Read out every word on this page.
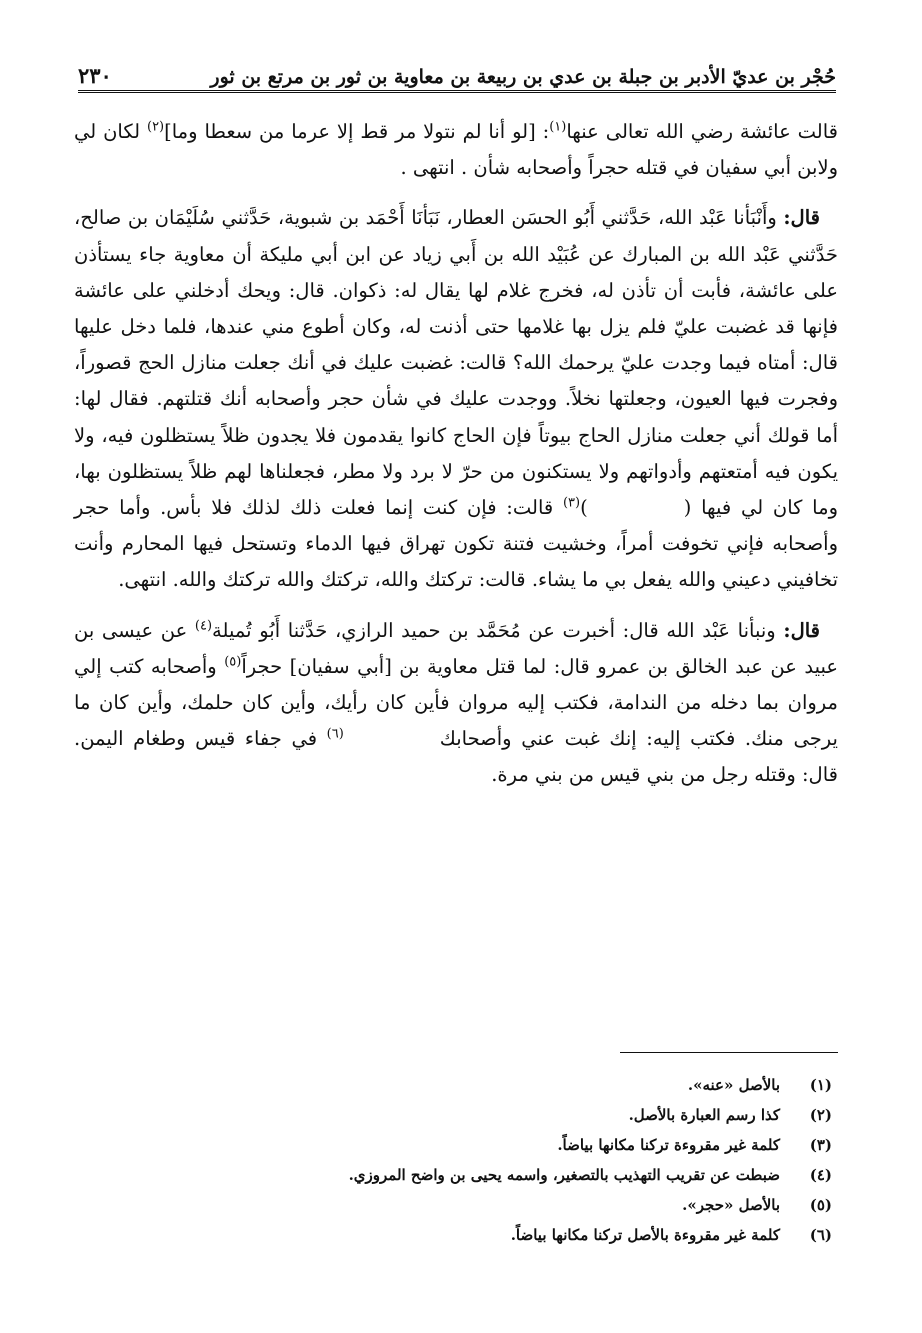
حُجْر بن عديّ الأدبر بن جبلة بن عدي بن ربيعة بن معاوية بن ثور بن مرتع بن ثور
٢٣٠

قالت عائشة رضي الله تعالى عنها$^{(١)}$: [لو أنا لم نتولا مر قط إلا عرما من سعطا وما]$^{(٢)}$ لكان لي ولابن أبي سفيان في قتله حجراً وأصحابه شأن . انتهى .

قال: وأَنْبَأنا عَبْد الله، حَدَّثني أَبُو الحسَن العطار، نَبَأنَا أَحْمَد بن شبوية، حَدَّثني سُلَيْمَان بن صالح، حَدَّثني عَبْد الله بن المبارك عن عُبَيْد الله بن أَبي زياد عن ابن أبي مليكة أن معاوية جاء يستأذن على عائشة، فأبت أن تأذن له، فخرج غلام لها يقال له: ذكوان. قال: ويحك أدخلني على عائشة فإنها قد غضبت عليّ فلم يزل بها غلامها حتى أذنت له، وكان أطوع مني عندها، فلما دخل عليها قال: أمتاه فيما وجدت عليّ يرحمك الله؟ قالت: غضبت عليك في أنك جعلت منازل الحج قصوراً، وفجرت فيها العيون، وجعلتها نخلاً. ووجدت عليك في شأن حجر وأصحابه أنك قتلتهم. فقال لها: أما قولك أني جعلت منازل الحاج بيوتاً فإن الحاج كانوا يقدمون فلا يجدون ظلاً يستظلون فيه، ولا يكون فيه أمتعتهم وأدواتهم ولا يستكنون من حرّ لا برد ولا مطر، فجعلناها لهم ظلاً يستظلون بها، وما كان لي فيها ()$^{(٣)}$ قالت: فإن كنت إنما فعلت ذلك لذلك فلا بأس. وأما حجر وأصحابه فإني تخوفت أمراً، وخشيت فتنة تكون تهراق فيها الدماء وتستحل فيها المحارم وأنت تخافيني دعيني والله يفعل بي ما يشاء. قالت: تركتك والله، تركتك والله تركتك والله. انتهى.

قال: ونبأنا عَبْد الله قال: أخبرت عن مُحَمَّد بن حميد الرازي، حَدَّثنا أَبُو تُميلة$^{(٤)}$ عن عيسى بن عبيد عن عبد الخالق بن عمرو قال: لما قتل معاوية بن [أبي سفيان] حجراً$^{(٥)}$ وأصحابه كتب إلي مروان بما دخله من الندامة، فكتب إليه مروان فأين كان رأيك، وأين كان حلمك، وأين كان ما يرجى منك. فكتب إليه: إنك غبت عني وأصحابك$^{(٦)}$ في جفاء قيس وطغام اليمن. قال: وقتله رجل من بني قيس من بني مرة.

(١)
بالأصل «عنه».
(٢)
كذا رسم العبارة بالأصل.
(٣)
كلمة غير مقروءة تركنا مكانها بياضاً.
(٤)
ضبطت عن تقريب التهذيب بالتصغير، واسمه يحيى بن واضح المروزي.
(٥)
بالأصل «حجر».
(٦)
كلمة غير مقروءة بالأصل تركنا مكانها بياضاً.
